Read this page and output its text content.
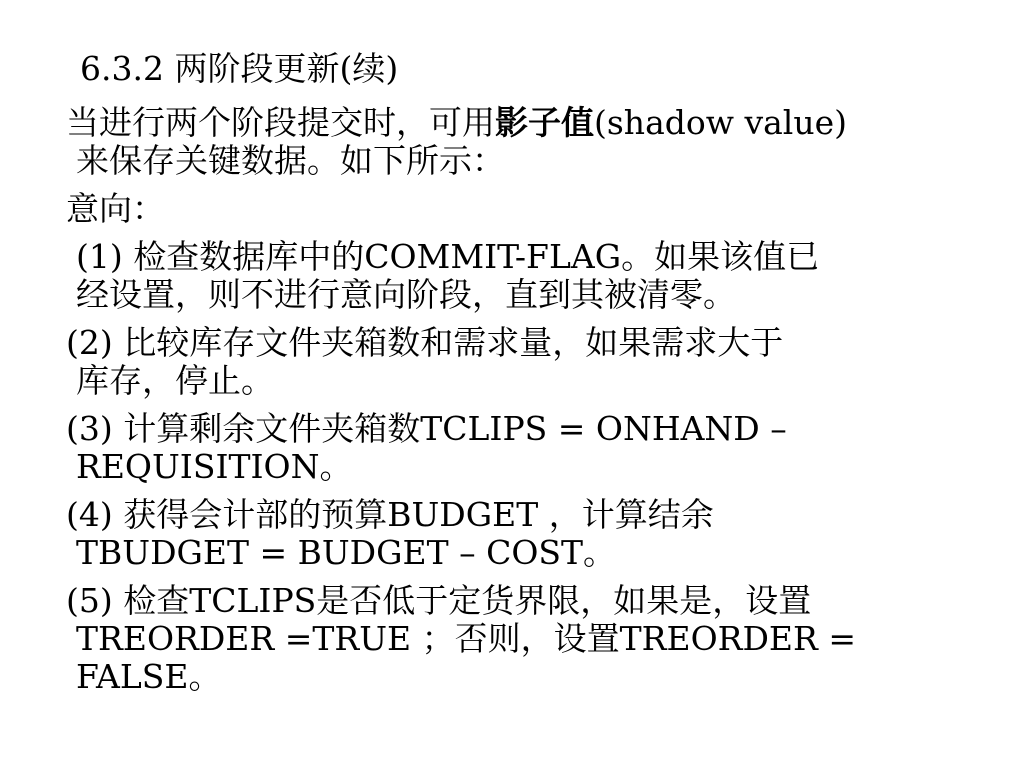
6.3.2 两阶段更新(续)
当进行两个阶段提交时，可用影子值(shadow value)
来保存关键数据。如下所示：
意向：
(1) 检查数据库中的COMMIT-FLAG。如果该值已
经设置，则不进行意向阶段，直到其被清零。
(2) 比较库存文件夹箱数和需求量，如果需求大于
库存，停止。
(3) 计算剩余文件夹箱数TCLIPS = ONHAND –
REQUISITION。
(4) 获得会计部的预算BUDGET ，计算结余
TBUDGET = BUDGET – COST。
(5) 检查TCLIPS是否低于定货界限，如果是，设置
TREORDER =TRUE ；否则，设置TREORDER =
FALSE。
